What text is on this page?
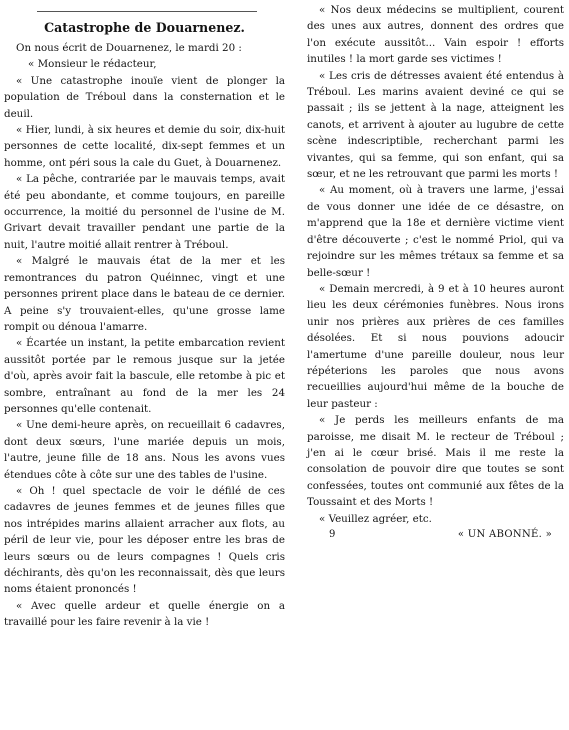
Catastrophe de Douarnenez.

On nous écrit de Douarnenez, le mardi 20 :

« Monsieur le rédacteur,

« Une catastrophe inouïe vient de plonger la population de Tréboul dans la consternation et le deuil.

« Hier, lundi, à six heures et demie du soir, dix-huit personnes de cette localité, dix-sept femmes et un homme, ont péri sous la cale du Guet, à Douarnenez.

« La pêche, contrariée par le mauvais temps, avait été peu abondante, et comme toujours, en pareille occurrence, la moitié du personnel de l'usine de M. Grivart devait travailler pendant une partie de la nuit, l'autre moitié allait rentrer à Tréboul.

« Malgré le mauvais état de la mer et les remontrances du patron Quéinnec, vingt et une personnes prirent place dans le bateau de ce dernier. A peine s'y trouvaient-elles, qu'une grosse lame rompit ou dénoua l'amarre.

« Écartée un instant, la petite embarcation revient aussitôt portée par le remous jusque sur la jetée d'où, après avoir fait la bascule, elle retombe à pic et sombre, entraînant au fond de la mer les 24 personnes qu'elle contenait.

« Une demi-heure après, on recueillait 6 cadavres, dont deux sœurs, l'une mariée depuis un mois, l'autre, jeune fille de 18 ans. Nous les avons vues étendues côte à côte sur une des tables de l'usine.

« Oh ! quel spectacle de voir le défilé de ces cadavres de jeunes femmes et de jeunes filles que nos intrépides marins allaient arracher aux flots, au péril de leur vie, pour les déposer entre les bras de leurs sœurs ou de leurs compagnes ! Quels cris déchirants, dès qu'on les reconnaissait, dès que leurs noms étaient prononcés !

« Avec quelle ardeur et quelle énergie on a travaillé pour les faire revenir à la vie !

« Nos deux médecins se multiplient, courent des unes aux autres, donnent des ordres que l'on exécute aussitôt... Vain espoir ! efforts inutiles ! la mort garde ses victimes !

« Les cris de détresses avaient été entendus à Tréboul. Les marins avaient deviné ce qui se passait ; ils se jettent à la nage, atteignent les canots, et arrivent à ajouter au lugubre de cette scène indescriptible, recherchant parmi les vivantes, qui sa femme, qui son enfant, qui sa sœur, et ne les retrouvant que parmi les morts !

« Au moment, où à travers une larme, j'essai de vous donner une idée de ce désastre, on m'apprend que la 18e et dernière victime vient d'être découverte ; c'est le nommé Priol, qui va rejoindre sur les mêmes trétaux sa femme et sa belle-sœur !

« Demain mercredi, à 9 et à 10 heures auront lieu les deux cérémonies funèbres. Nous irons unir nos prières aux prières de ces familles désolées. Et si nous pouvions adoucir l'amertume d'une pareille douleur, nous leur répéterions les paroles que nous avons recueillies aujourd'hui même de la bouche de leur pasteur :

« Je perds les meilleurs enfants de ma paroisse, me disait M. le recteur de Tréboul ; j'en ai le cœur brisé. Mais il me reste la consolation de pouvoir dire que toutes se sont confessées, toutes ont communié aux fêtes de la Toussaint et des Morts !

« Veuillez agréer, etc.

9	« UN ABONNÉ. »
